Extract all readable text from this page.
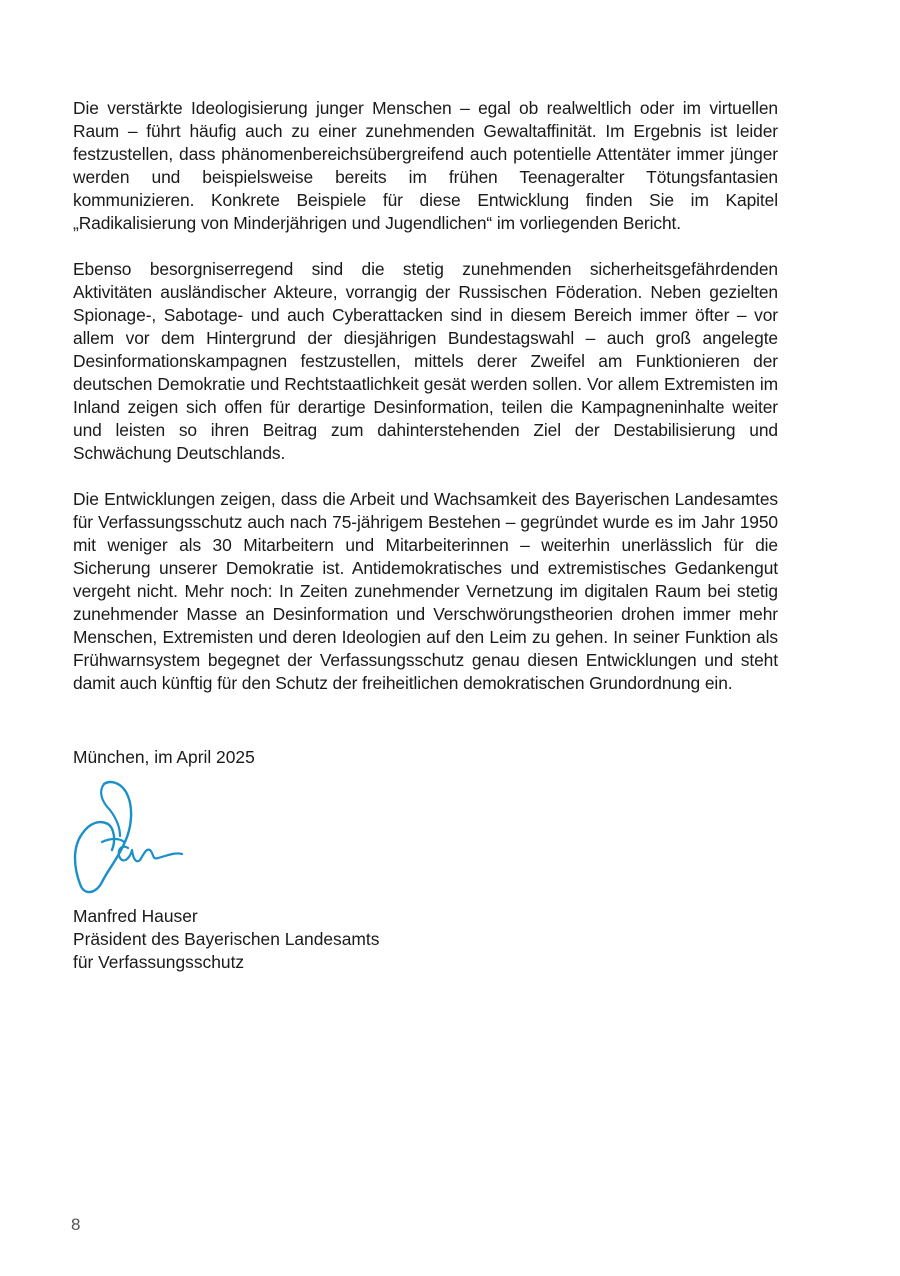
Die verstärkte Ideologisierung junger Menschen – egal ob realweltlich oder im virtuellen Raum – führt häufig auch zu einer zunehmenden Gewaltaffinität. Im Ergebnis ist leider festzustellen, dass phänomenbereichsübergreifend auch potentielle Attentäter immer jünger werden und beispielsweise bereits im frühen Teenageralter Tötungsfantasien kommunizieren. Konkrete Beispiele für diese Entwicklung finden Sie im Kapitel „Radikalisierung von Minderjährigen und Jugendlichen“ im vorliegenden Bericht.

Ebenso besorgniserregend sind die stetig zunehmenden sicherheitsgefährdenden Aktivitäten ausländischer Akteure, vorrangig der Russischen Föderation. Neben gezielten Spionage-, Sabotage- und auch Cyberattacken sind in diesem Bereich immer öfter – vor allem vor dem Hintergrund der diesjährigen Bundestagswahl – auch groß angelegte Desinformationskampagnen festzustellen, mittels derer Zweifel am Funktionieren der deutschen Demokratie und Rechtstaatlichkeit gesät werden sollen. Vor allem Extremisten im Inland zeigen sich offen für derartige Desinformation, teilen die Kampagneninhalte weiter und leisten so ihren Beitrag zum dahinterstehenden Ziel der Destabilisierung und Schwächung Deutschlands.

Die Entwicklungen zeigen, dass die Arbeit und Wachsamkeit des Bayerischen Landesamtes für Verfassungsschutz auch nach 75-jährigem Bestehen – gegründet wurde es im Jahr 1950 mit weniger als 30 Mitarbeitern und Mitarbeiterinnen – weiterhin unerlässlich für die Sicherung unserer Demokratie ist. Antidemokratisches und extremistisches Gedankengut vergeht nicht. Mehr noch: In Zeiten zunehmender Vernetzung im digitalen Raum bei stetig zunehmender Masse an Desinformation und Verschwörungstheorien drohen immer mehr Menschen, Extremisten und deren Ideologien auf den Leim zu gehen. In seiner Funktion als Frühwarnsystem begegnet der Verfassungsschutz genau diesen Entwicklungen und steht damit auch künftig für den Schutz der freiheitlichen demokratischen Grundordnung ein.

München, im April 2025

Manfred Hauser
Präsident des Bayerischen Landesamts
für Verfassungsschutz
8
